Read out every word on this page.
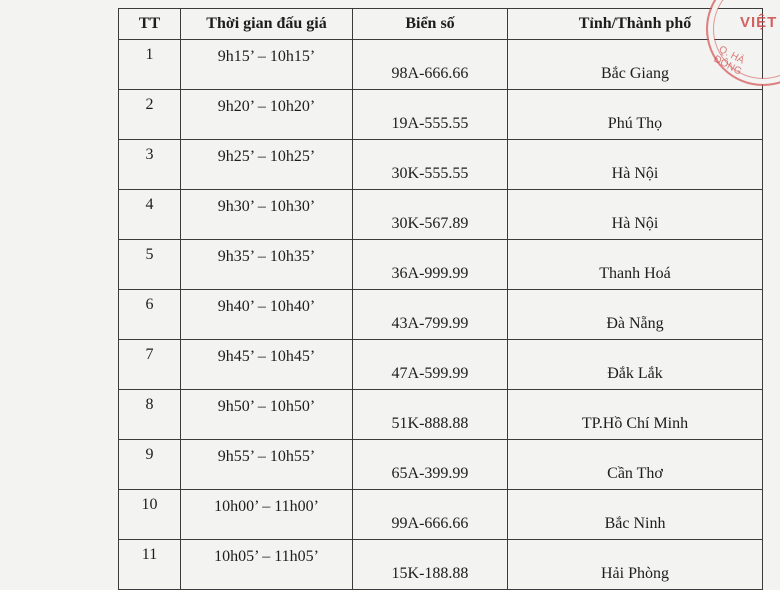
TT	Thời gian đấu giá	Biển số	Tỉnh/Thành phố
1	9h15’ – 10h15’	98A-666.66	Bắc Giang
2	9h20’ – 10h20’	19A-555.55	Phú Thọ
3	9h25’ – 10h25’	30K-555.55	Hà Nội
4	9h30’ – 10h30’	30K-567.89	Hà Nội
5	9h35’ – 10h35’	36A-999.99	Thanh Hoá
6	9h40’ – 10h40’	43A-799.99	Đà Nẵng
7	9h45’ – 10h45’	47A-599.99	Đắk Lắk
8	9h50’ – 10h50’	51K-888.88	TP.Hồ Chí Minh
9	9h55’ – 10h55’	65A-399.99	Cần Thơ
10	10h00’ – 11h00’	99A-666.66	Bắc Ninh
11	10h05’ – 11h05’	15K-188.88	Hải Phòng
VIỆT
Q. HÀ ĐÔNG
